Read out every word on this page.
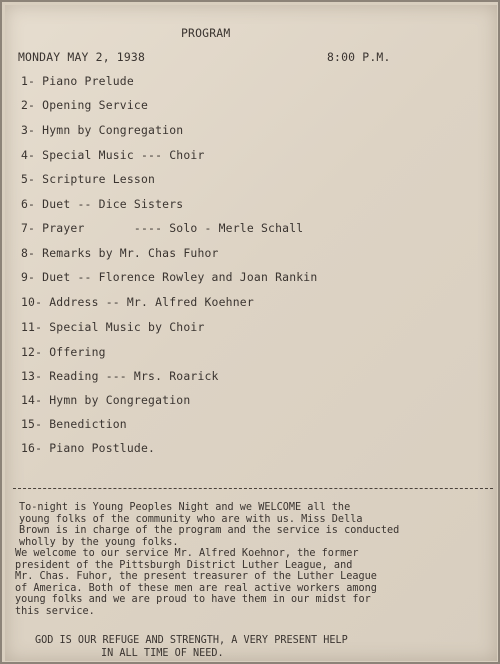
PROGRAM
MONDAY MAY 2, 1938	8:00 P.M.
1- Piano Prelude
2- Opening Service
3- Hymn by Congregation
4- Special Music --- Choir
5- Scripture Lesson
6- Duet -- Dice Sisters
7- Prayer       ---- Solo - Merle Schall
8- Remarks by Mr. Chas Fuhor
9- Duet -- Florence Rowley and Joan Rankin
10- Address -- Mr. Alfred Koehner
11- Special Music by Choir
12- Offering
13- Reading --- Mrs. Roarick
14- Hymn by Congregation
15- Benediction
16- Piano Postlude.
To-night is Young Peoples Night and we WELCOME all the
young folks of the community who are with us. Miss Della
Brown is in charge of the program and the service is conducted
wholly by the young folks.
We welcome to our service Mr. Alfred Koehnor, the former
president of the Pittsburgh District Luther League, and
Mr. Chas. Fuhor, the present treasurer of the Luther League
of America. Both of these men are real active workers among
young folks and we are proud to have them in our midst for
this service.
GOD IS OUR REFUGE AND STRENGTH, A VERY PRESENT HELP
IN ALL TIME OF NEED.
